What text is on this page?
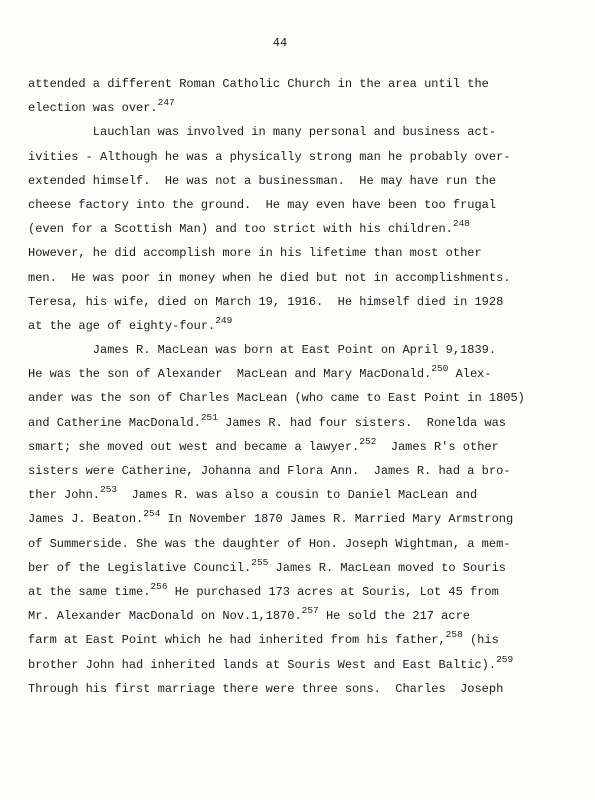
44
attended a different Roman Catholic Church in the area until the
election was over.$^{247}$
Lauchlan was involved in many personal and business act-
ivities - Although he was a physically strong man he probably over-
extended himself.  He was not a businessman.  He may have run the
cheese factory into the ground.  He may even have been too frugal
(even for a Scottish Man) and too strict with his children.$^{248}$
However, he did accomplish more in his lifetime than most other
men.  He was poor in money when he died but not in accomplishments.
Teresa, his wife, died on March 19, 1916.  He himself died in 1928
at the age of eighty-four.$^{249}$
James R. MacLean was born at East Point on April 9,1839.
He was the son of Alexander  MacLean and Mary MacDonald.$^{250}$ Alex-
ander was the son of Charles MacLean (who came to East Point in 1805)
and Catherine MacDonald.$^{251}$ James R. had four sisters.  Ronelda was
smart; she moved out west and became a lawyer.$^{252}$  James R's other
sisters were Catherine, Johanna and Flora Ann.  James R. had a bro-
ther John.$^{253}$  James R. was also a cousin to Daniel MacLean and
James J. Beaton.$^{254}$ In November 1870 James R. Married Mary Armstrong
of Summerside. She was the daughter of Hon. Joseph Wightman, a mem-
ber of the Legislative Council.$^{255}$ James R. MacLean moved to Souris
at the same time.$^{256}$ He purchased 173 acres at Souris, Lot 45 from
Mr. Alexander MacDonald on Nov.1,1870.$^{257}$ He sold the 217 acre
farm at East Point which he had inherited from his father,$^{258}$ (his
brother John had inherited lands at Souris West and East Baltic).$^{259}$
Through his first marriage there were three sons.  Charles  Joseph
